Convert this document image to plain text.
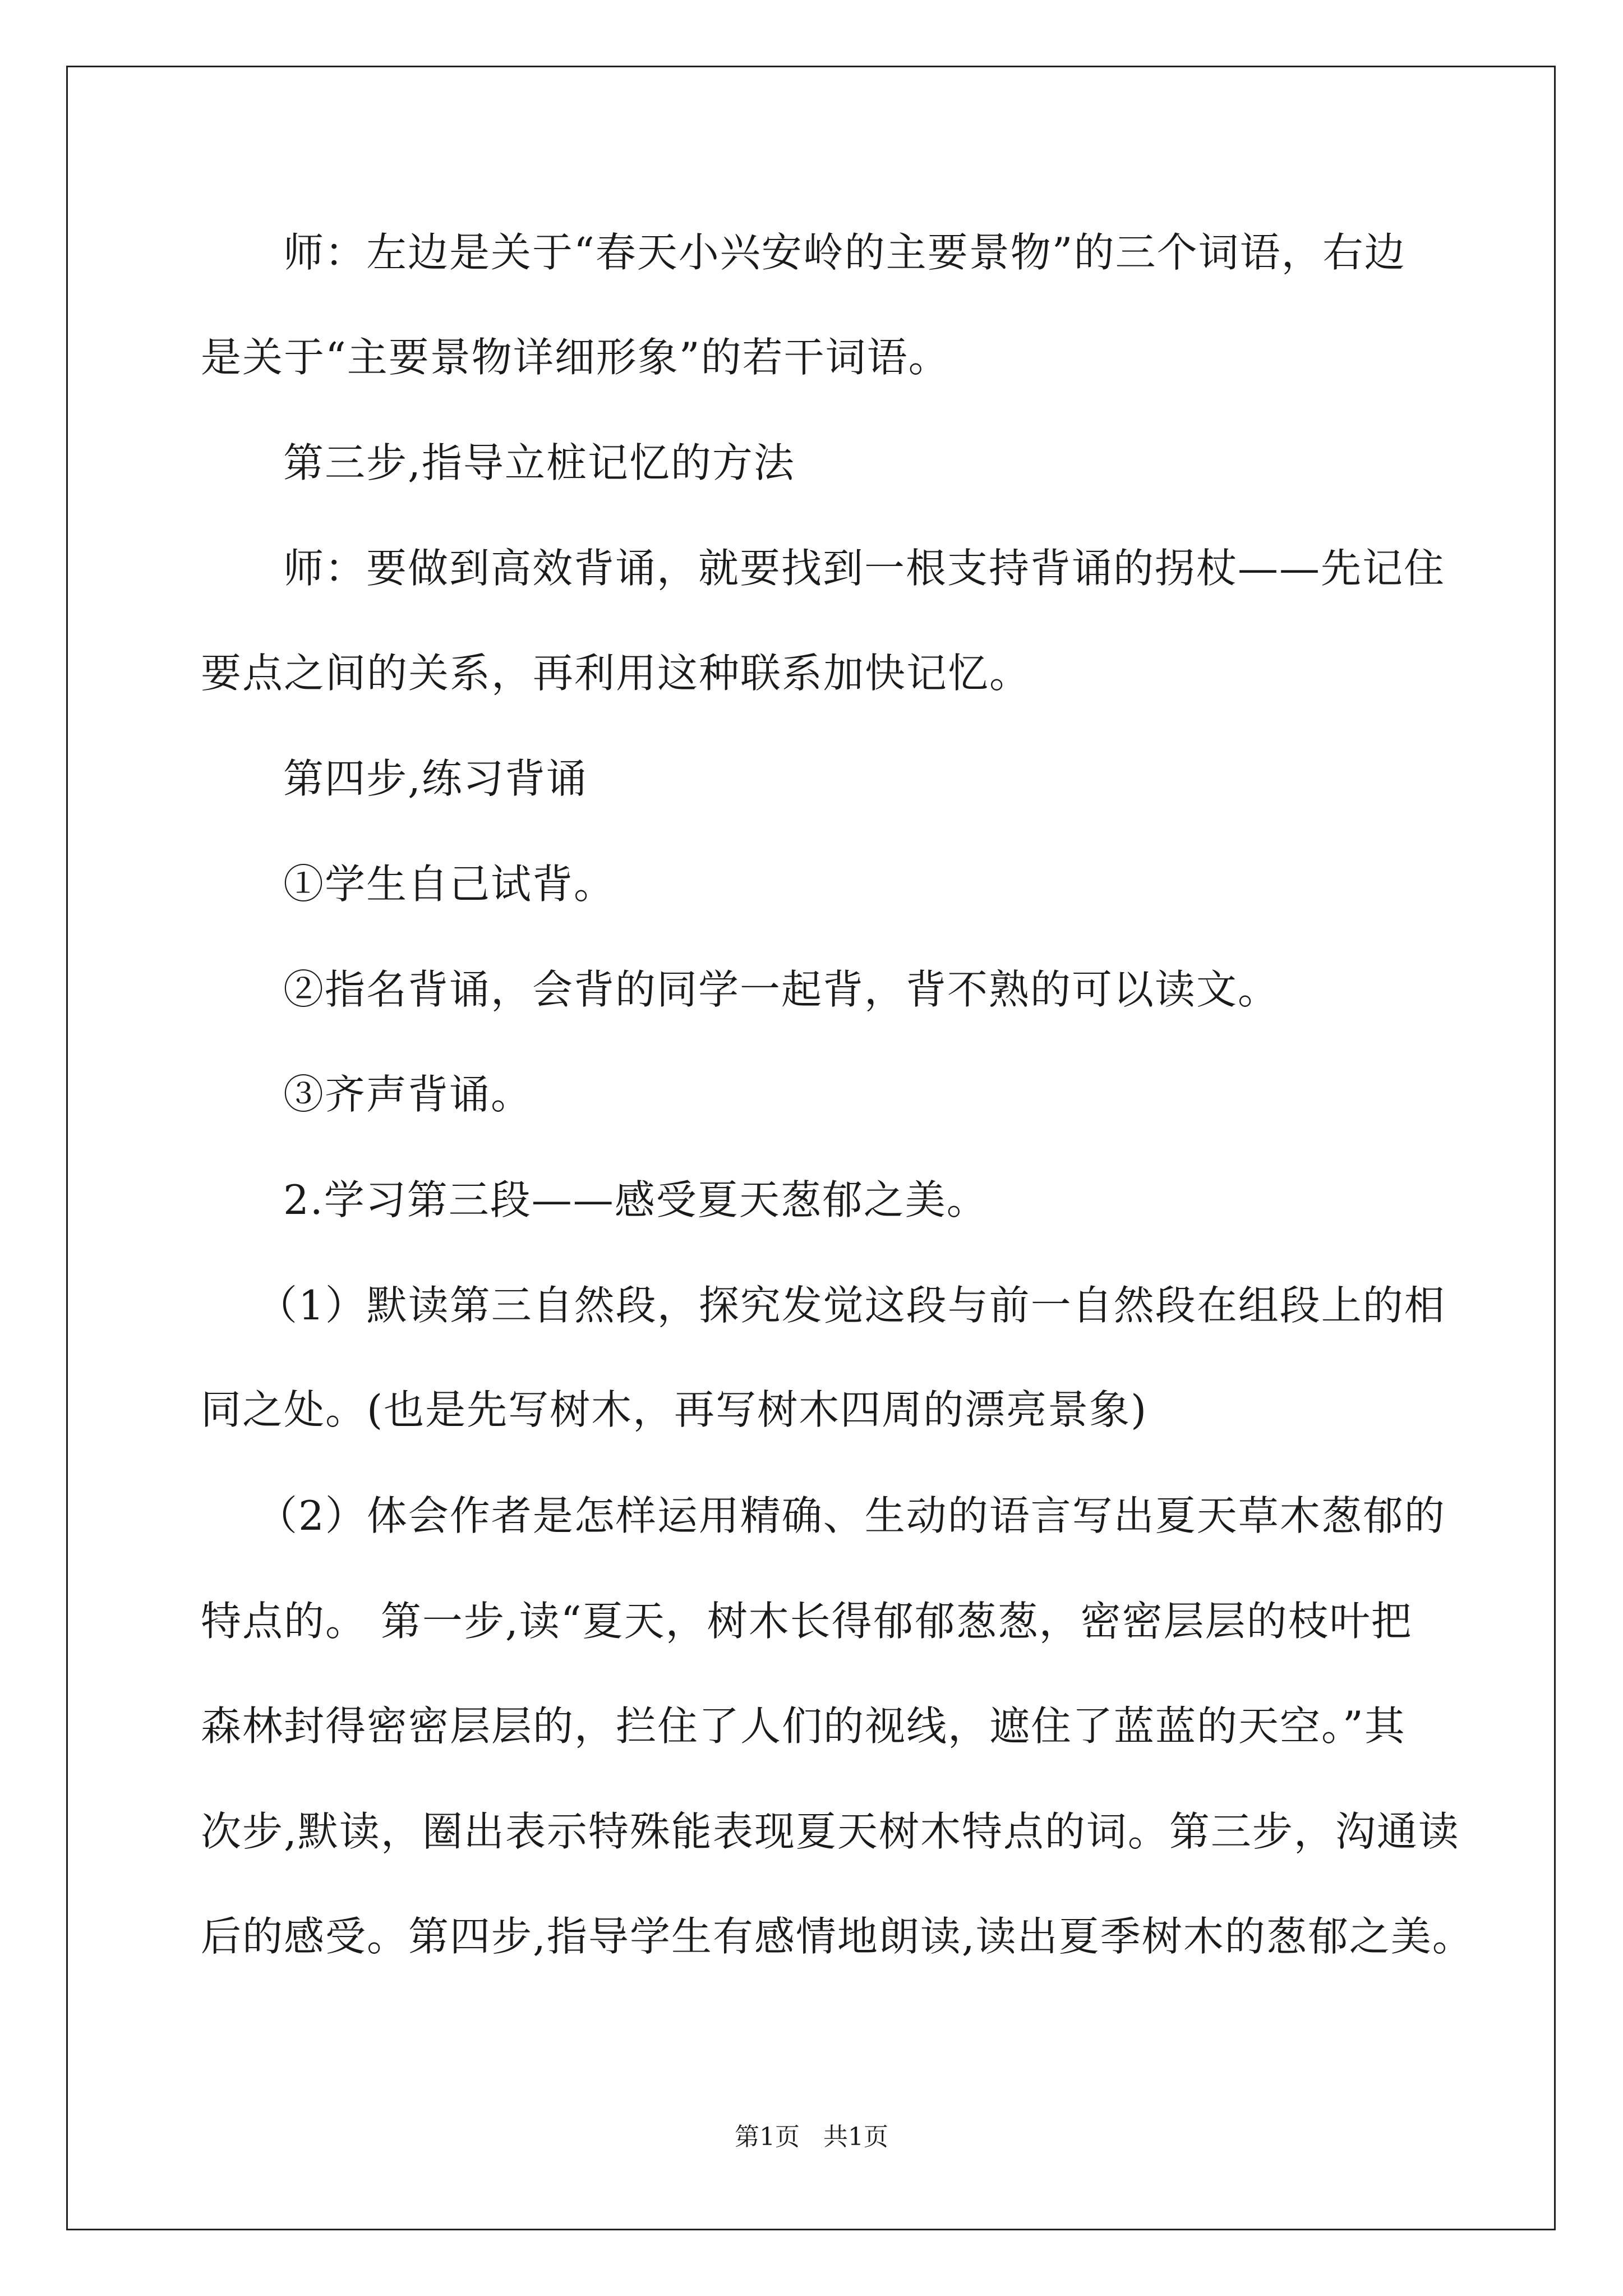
师：左边是关于“春天小兴安岭的主要景物”的三个词语，右边
是关于“主要景物详细形象”的若干词语。
第三步,指导立桩记忆的方法
师：要做到高效背诵，就要找到一根支持背诵的拐杖——先记住
要点之间的关系，再利用这种联系加快记忆。
第四步,练习背诵
①学生自己试背。
②指名背诵，会背的同学一起背，背不熟的可以读文。
③齐声背诵。
2.学习第三段——感受夏天葱郁之美。
（1）默读第三自然段，探究发觉这段与前一自然段在组段上的相
同之处。(也是先写树木，再写树木四周的漂亮景象)
（2）体会作者是怎样运用精确、生动的语言写出夏天草木葱郁的
特点的。 第一步,读“夏天，树木长得郁郁葱葱，密密层层的枝叶把
森林封得密密层层的，拦住了人们的视线，遮住了蓝蓝的天空。”其
次步,默读，圈出表示特殊能表现夏天树木特点的词。第三步，沟通读
后的感受。第四步,指导学生有感情地朗读,读出夏季树木的葱郁之美。
第1页   共1页
